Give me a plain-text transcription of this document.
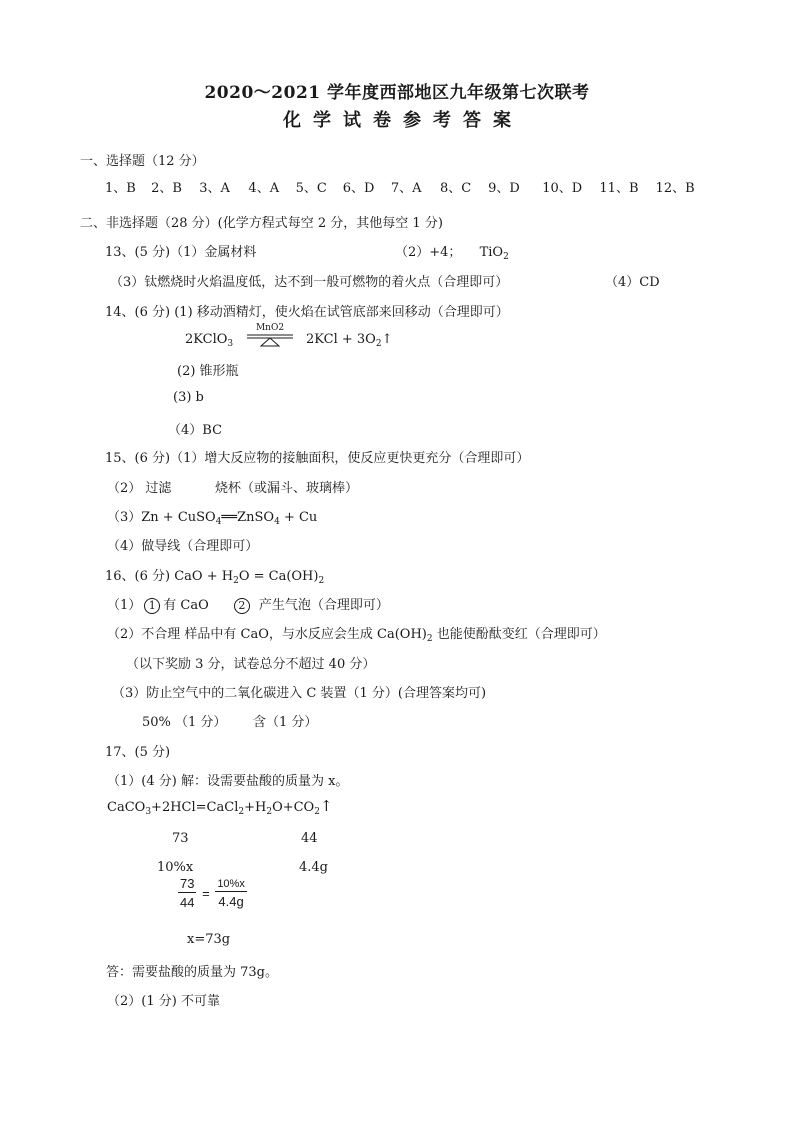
2020～2021 学年度西部地区九年级第七次联考
化学试卷参考答案
一、选择题（12 分）
1、B 2、B 3、A 4、A 5、C 6、D 7、A 8、C 9、D 10、D 11、B 12、B
二、非选择题（28 分）(化学方程式每空 2 分，其他每空 1 分)
13、(5 分)（1）金属材料	（2）+4； TiO$_2$
（3）钛燃烧时火焰温度低，达不到一般可燃物的着火点（合理即可）	（4）CD
14、(6 分) (1) 移动酒精灯，使火焰在试管底部来回移动（合理即可）
2KClO$_3$
MnO2
$2KCl + 3O_2↑$
(2) 锥形瓶
(3) b
（4）BC
15、(6 分)（1）增大反应物的接触面积，使反应更快更充分（合理即可）
（2） 过滤	烧杯（或漏斗、玻璃棒）
（3）Zn + CuSO$_4$══ZnSO$_4$ + Cu
（4）做导线（合理即可）
16、(6 分) CaO + $H_2O = Ca(OH)_2$
（1） 1 有 CaO	2 产生气泡（合理即可）
（2）不合理 样品中有 CaO，与水反应会生成 $Ca(OH)_2$ 也能使酚酞变红（合理即可）
（以下奖励 3 分，试卷总分不超过 40 分）
（3）防止空气中的二氧化碳进入 C 装置（1 分）(合理答案均可)
50% （1 分） 含（1 分）
17、(5 分)
（1）(4 分) 解：设需要盐酸的质量为 x。
$CaCO_3+2HCl=CaCl_2+H_2O+CO_2↑$
73	44
10%x	4.4g
$\frac{73}{44} = \frac{10\%x}{4.4g}$
x=73g
答：需要盐酸的质量为 73g。
（2）(1 分) 不可靠
